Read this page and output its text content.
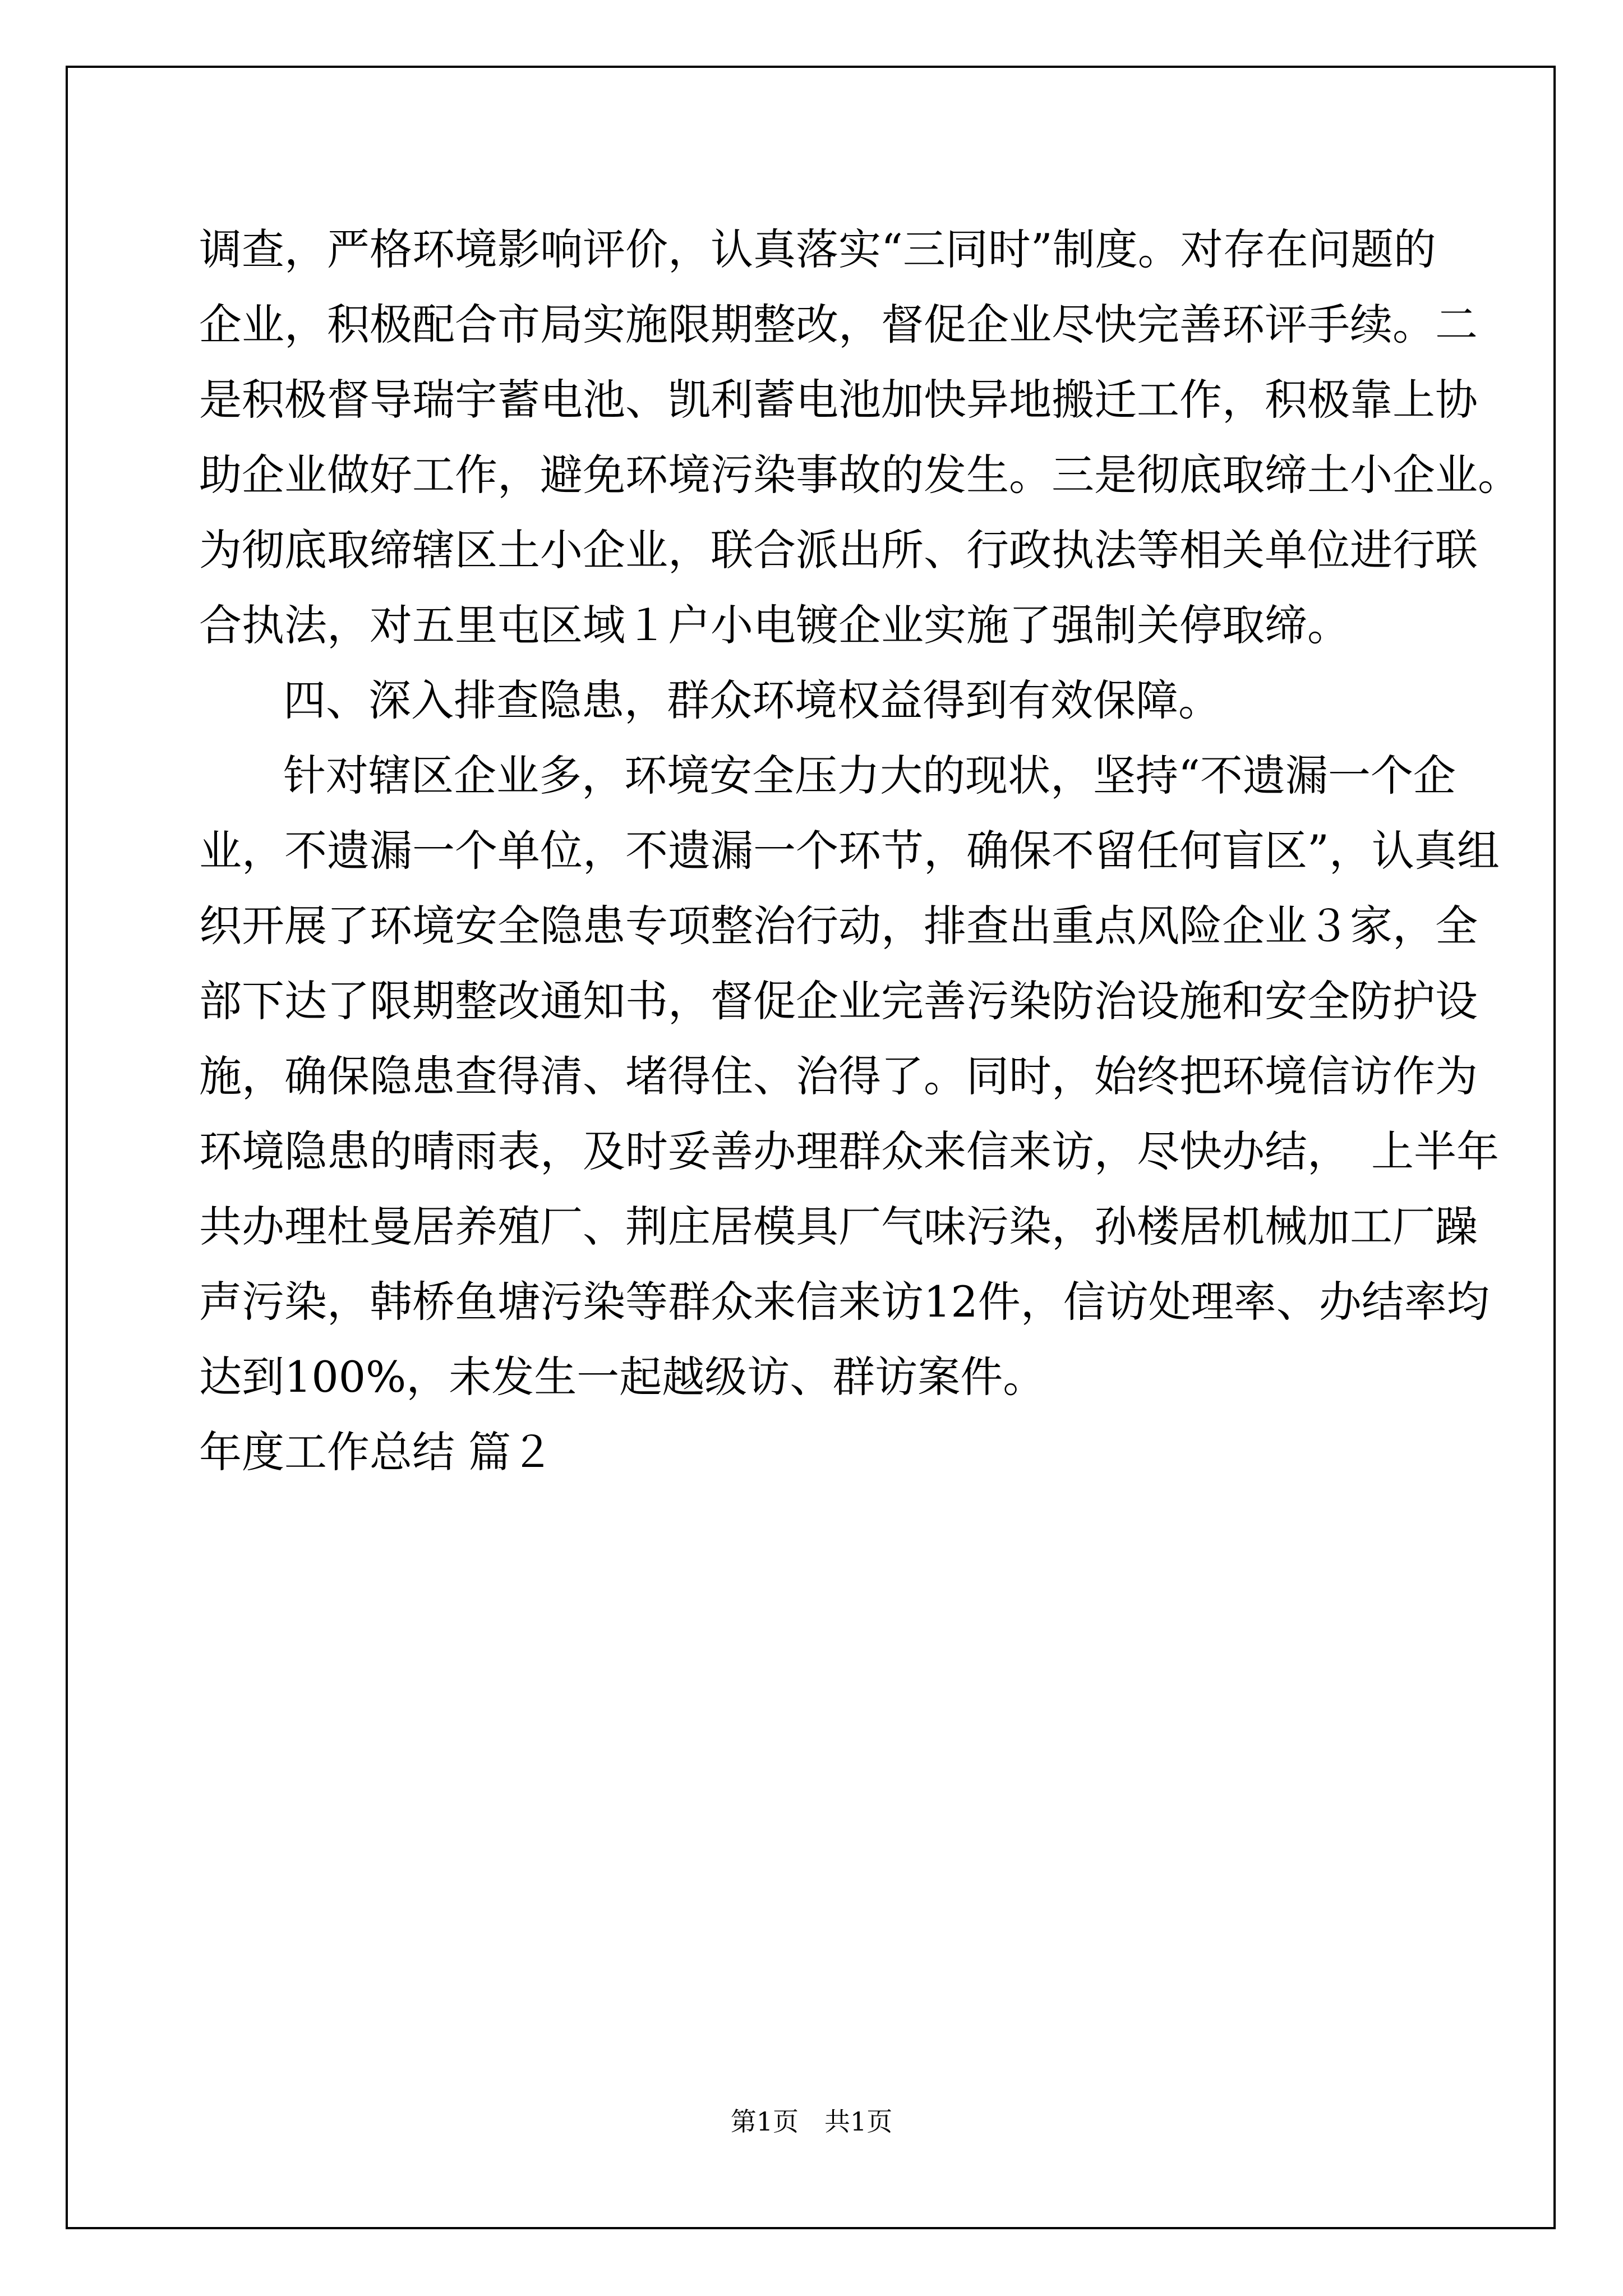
调查，严格环境影响评价，认真落实“三同时”制度。对存在问题的
企业，积极配合市局实施限期整改，督促企业尽快完善环评手续。二
是积极督导瑞宇蓄电池、凯利蓄电池加快异地搬迁工作，积极靠上协
助企业做好工作，避免环境污染事故的发生。三是彻底取缔土小企业。
为彻底取缔辖区土小企业，联合派出所、行政执法等相关单位进行联
合执法，对五里屯区域１户小电镀企业实施了强制关停取缔。
四、深入排查隐患，群众环境权益得到有效保障。
针对辖区企业多，环境安全压力大的现状，坚持“不遗漏一个企
业，不遗漏一个单位，不遗漏一个环节，确保不留任何盲区”，认真组
织开展了环境安全隐患专项整治行动，排查出重点风险企业３家，全
部下达了限期整改通知书，督促企业完善污染防治设施和安全防护设
施，确保隐患查得清、堵得住、治得了。同时，始终把环境信访作为
环境隐患的晴雨表，及时妥善办理群众来信来访，尽快办结，　上半年
共办理杜曼居养殖厂、荆庄居模具厂气味污染，孙楼居机械加工厂躁
声污染，韩桥鱼塘污染等群众来信来访12件，信访处理率、办结率均
达到100%，未发生一起越级访、群访案件。
年度工作总结 篇２
第1页　共1页
